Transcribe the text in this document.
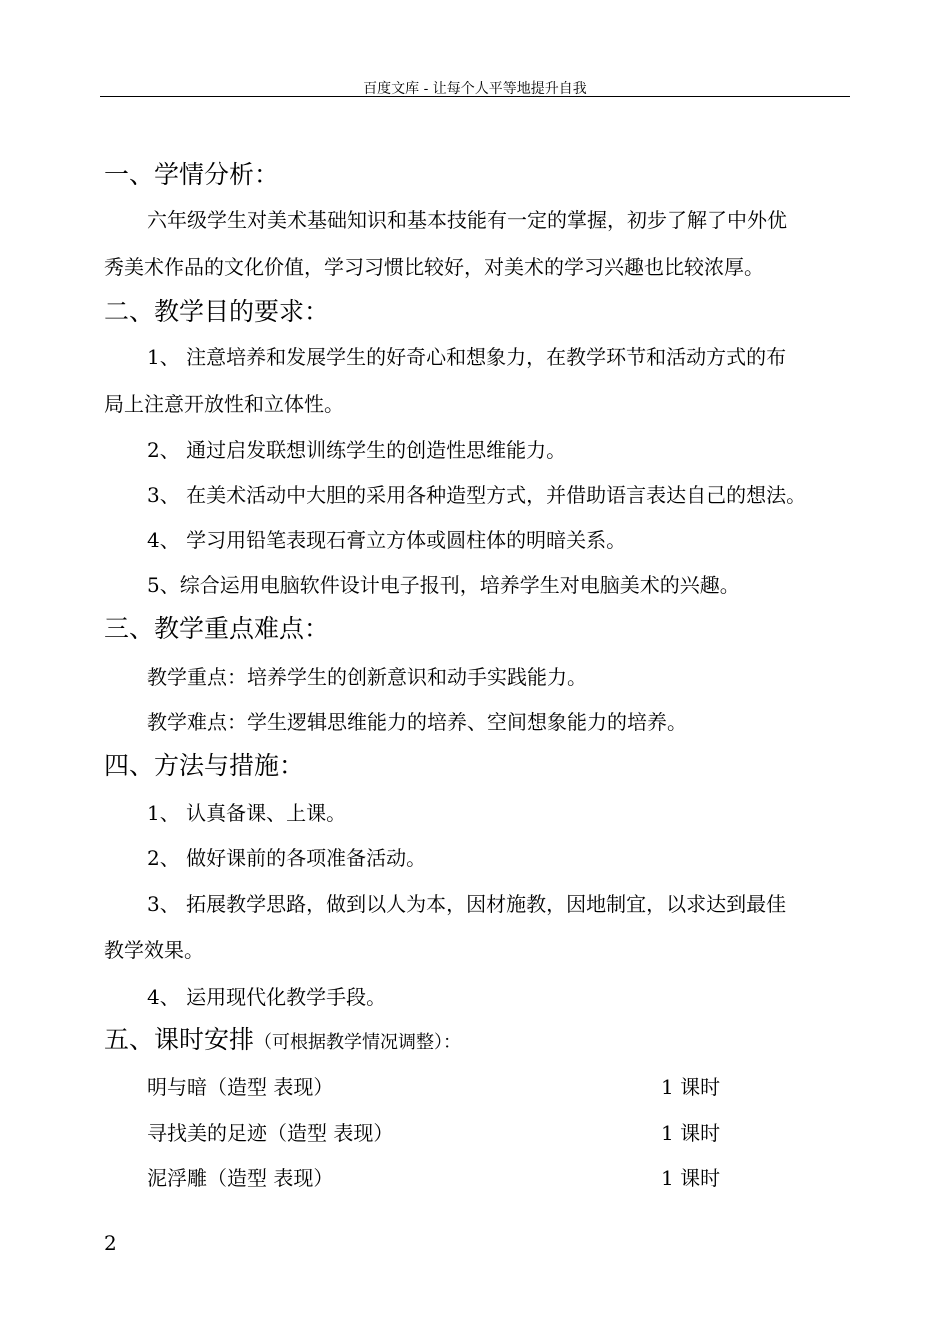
百度文库 - 让每个人平等地提升自我
一、学情分析：
六年级学生对美术基础知识和基本技能有一定的掌握，初步了解了中外优
秀美术作品的文化价值，学习习惯比较好，对美术的学习兴趣也比较浓厚。
二、教学目的要求：
1、 注意培养和发展学生的好奇心和想象力，在教学环节和活动方式的布
局上注意开放性和立体性。
2、 通过启发联想训练学生的创造性思维能力。
3、 在美术活动中大胆的采用各种造型方式，并借助语言表达自己的想法。
4、 学习用铅笔表现石膏立方体或圆柱体的明暗关系。
5、综合运用电脑软件设计电子报刊，培养学生对电脑美术的兴趣。
三、教学重点难点：
教学重点：培养学生的创新意识和动手实践能力。
教学难点：学生逻辑思维能力的培养、空间想象能力的培养。
四、方法与措施：
1、 认真备课、上课。
2、 做好课前的各项准备活动。
3、 拓展教学思路，做到以人为本，因材施教，因地制宜，以求达到最佳
教学效果。
4、 运用现代化教学手段。
五、课时安排（可根据教学情况调整）：
明与暗（造型 表现）	1 课时
寻找美的足迹（造型 表现）	1 课时
泥浮雕（造型 表现）	1 课时
2
